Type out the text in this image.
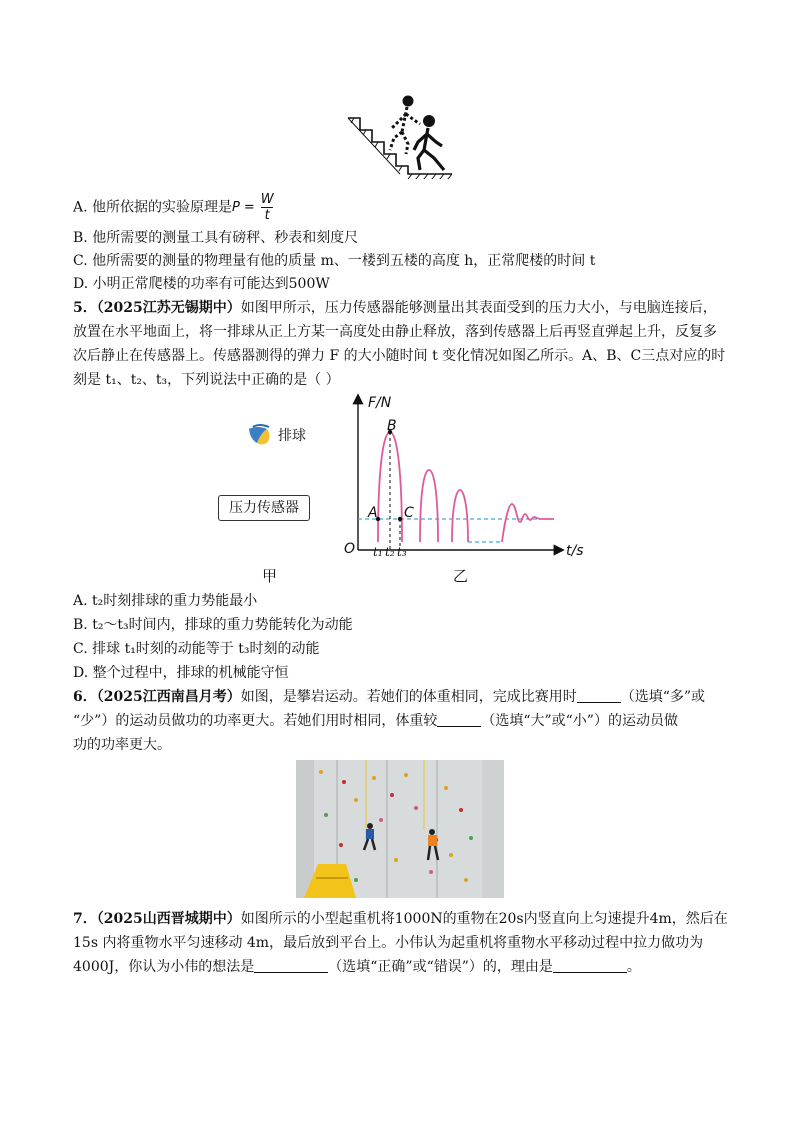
A. 他所依据的实验原理是 $P = \frac{W}{t}$
B. 他所需要的测量工具有磅秤、秒表和刻度尺
C. 他所需要的测量的物理量有他的质量 m、一楼到五楼的高度 h，正常爬楼的时间 t
D. 小明正常爬楼的功率有可能达到500W
5．（2025江苏无锡期中）如图甲所示，压力传感器能够测量出其表面受到的压力大小，与电脑连接后，
放置在水平地面上，将一排球从正上方某一高度处由静止释放，落到传感器上后再竖直弹起上升，反复多
次后静止在传感器上。传感器测得的弹力 F 的大小随时间 t 变化情况如图乙所示。A、B、C三点对应的时
刻是 t₁、t₂、t₃，下列说法中正确的是（ ）
排球
压力传感器
甲	乙
F/N
t/s
O
B
A C
t₁ t₂ t₃
A. t₂时刻排球的重力势能最小
B. t₂～t₃时间内，排球的重力势能转化为动能
C. 排球 t₁时刻的动能等于 t₃时刻的动能
D. 整个过程中，排球的机械能守恒
6．（2025江西南昌月考）如图，是攀岩运动。若她们的体重相同，完成比赛用时	（选填“多”或
“少”）的运动员做功的功率更大。若她们用时相同，体重较	（选填“大”或“小”）的运动员做
功的功率更大。
7．（2025山西晋城期中）如图所示的小型起重机将1000N的重物在20s内竖直向上匀速提升4m，然后在
15s 内将重物水平匀速移动 4m，最后放到平台上。小伟认为起重机将重物水平移动过程中拉力做功为
4000J，你认为小伟的想法是	（选填“正确”或“错误”）的，理由是	。
